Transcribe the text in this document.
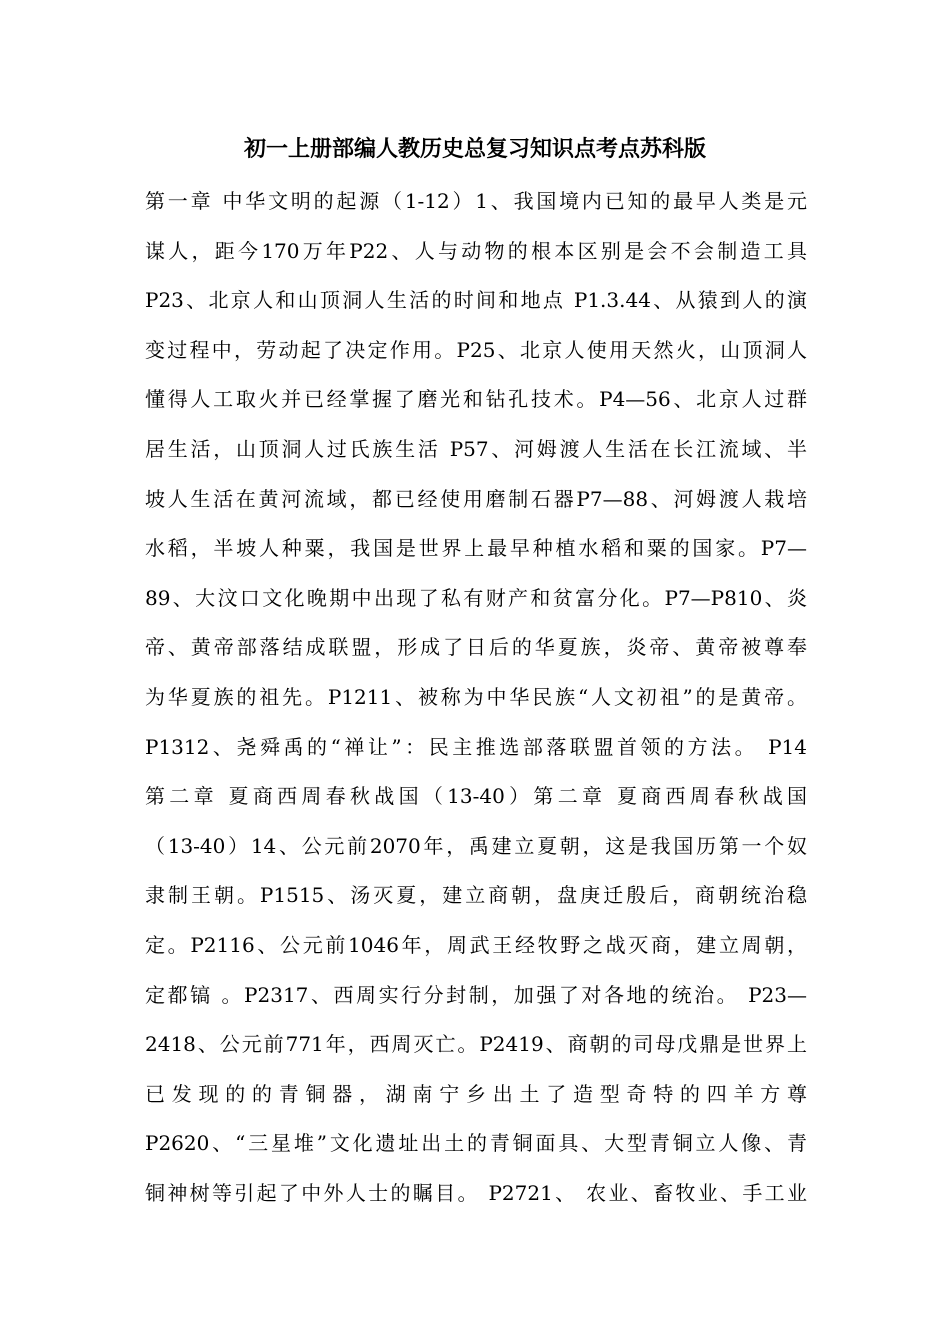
初一上册部编人教历史总复习知识点考点苏科版
第一章 中华文明的起源（1-12）1、我国境内已知的最早人类是元
谋人，距今170万年P22、人与动物的根本区别是会不会制造工具
P23、北京人和山顶洞人生活的时间和地点 P1.3.44、从猿到人的演
变过程中，劳动起了决定作用。P25、北京人使用天然火，山顶洞人
懂得人工取火并已经掌握了磨光和钻孔技术。P4—56、北京人过群
居生活，山顶洞人过氏族生活 P57、河姆渡人生活在长江流域、半
坡人生活在黄河流域，都已经使用磨制石器P7—88、河姆渡人栽培
水稻，半坡人种粟，我国是世界上最早种植水稻和粟的国家。P7—
89、大汶口文化晚期中出现了私有财产和贫富分化。P7—P810、炎
帝、黄帝部落结成联盟，形成了日后的华夏族，炎帝、黄帝被尊奉
为华夏族的祖先。P1211、被称为中华民族“人文初祖”的是黄帝。
P1312、尧舜禹的“禅让”：民主推选部落联盟首领的方法。 P14
第二章 夏商西周春秋战国（13-40）第二章 夏商西周春秋战国
（13-40）14、公元前2070年，禹建立夏朝，这是我国历第一个奴
隶制王朝。P1515、汤灭夏，建立商朝，盘庚迁殷后，商朝统治稳
定。P2116、公元前1046年，周武王经牧野之战灭商，建立周朝，
定都镐 。P2317、西周实行分封制，加强了对各地的统治。 P23—
2418、公元前771年，西周灭亡。P2419、商朝的司母戊鼎是世界上
已发现的的青铜器，湖南宁乡出土了造型奇特的四羊方尊
P2620、“三星堆”文化遗址出土的青铜面具、大型青铜立人像、青
铜神树等引起了中外人士的瞩目。 P2721、 农业、畜牧业、手工业
